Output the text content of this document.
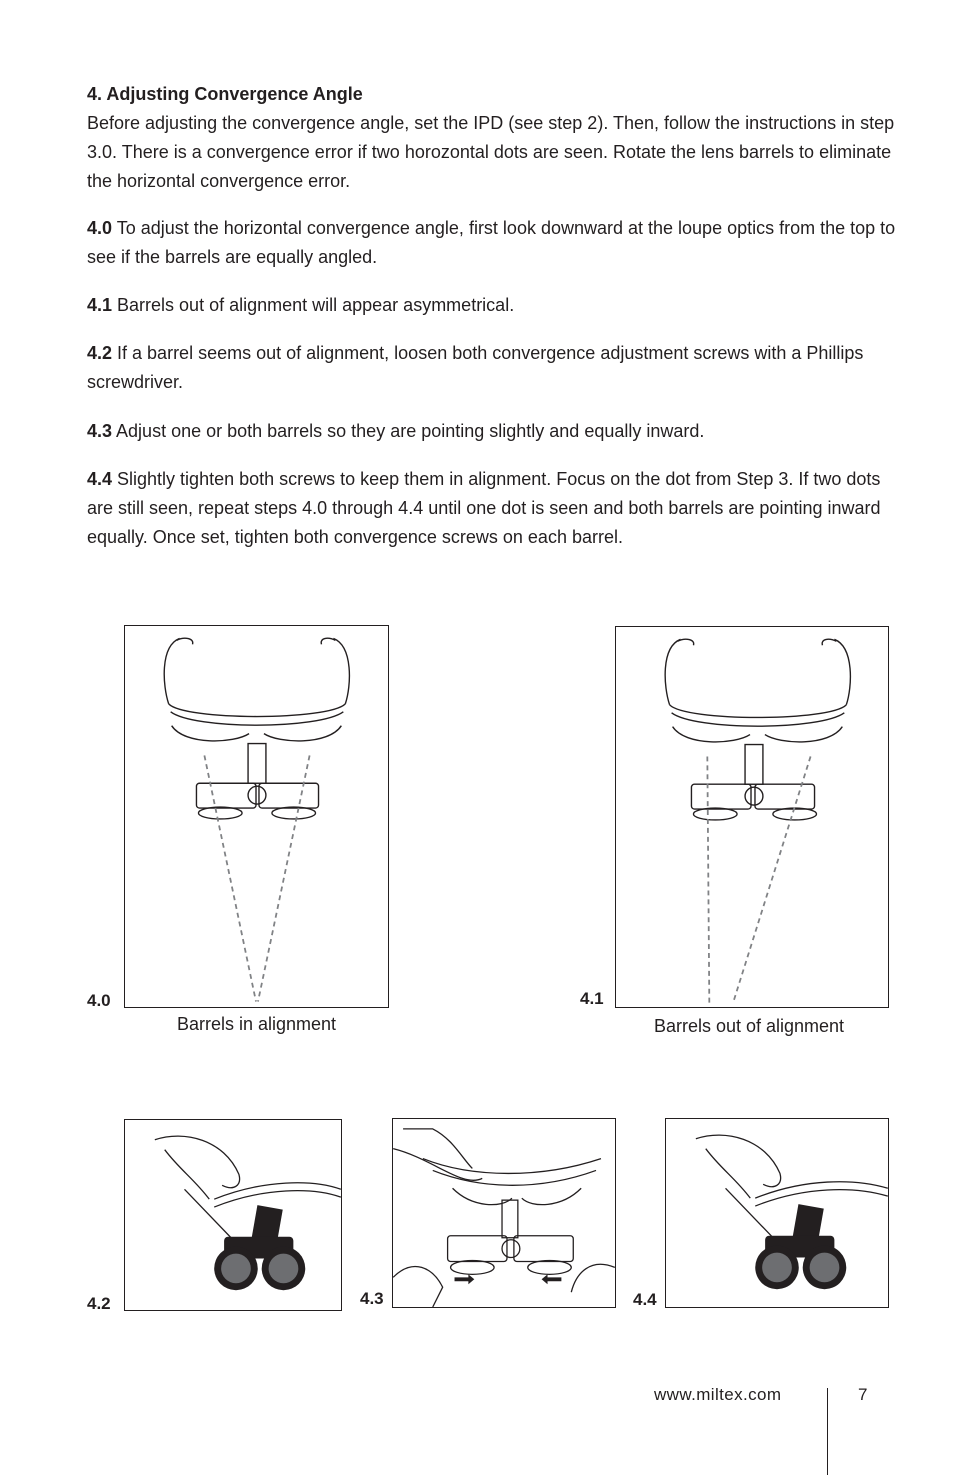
4. Adjusting Convergence Angle

Before adjusting the convergence angle, set the IPD (see step 2). Then, follow the instructions in step 3.0. There is a convergence error if two horozontal dots are seen. Rotate the lens barrels to eliminate the horizontal convergence error.

4.0 To adjust the horizontal convergence angle, first look downward at the loupe optics from the top to see if the barrels are equally angled.

4.1 Barrels out of alignment will appear asymmetrical.

4.2 If a barrel seems out of alignment, loosen both convergence adjustment screws with a Phillips screwdriver.

4.3 Adjust one or both barrels so they are pointing slightly and equally inward.

4.4 Slightly tighten both screws to keep them in alignment. Focus on the dot from Step 3. If two dots are still seen, repeat steps 4.0 through 4.4 until one dot is seen and both barrels are pointing inward equally. Once set, tighten both convergence screws on each barrel.

4.0
Barrels in alignment
4.1
Barrels out of alignment
4.2	4.3	4.4
www.miltex.com	7
